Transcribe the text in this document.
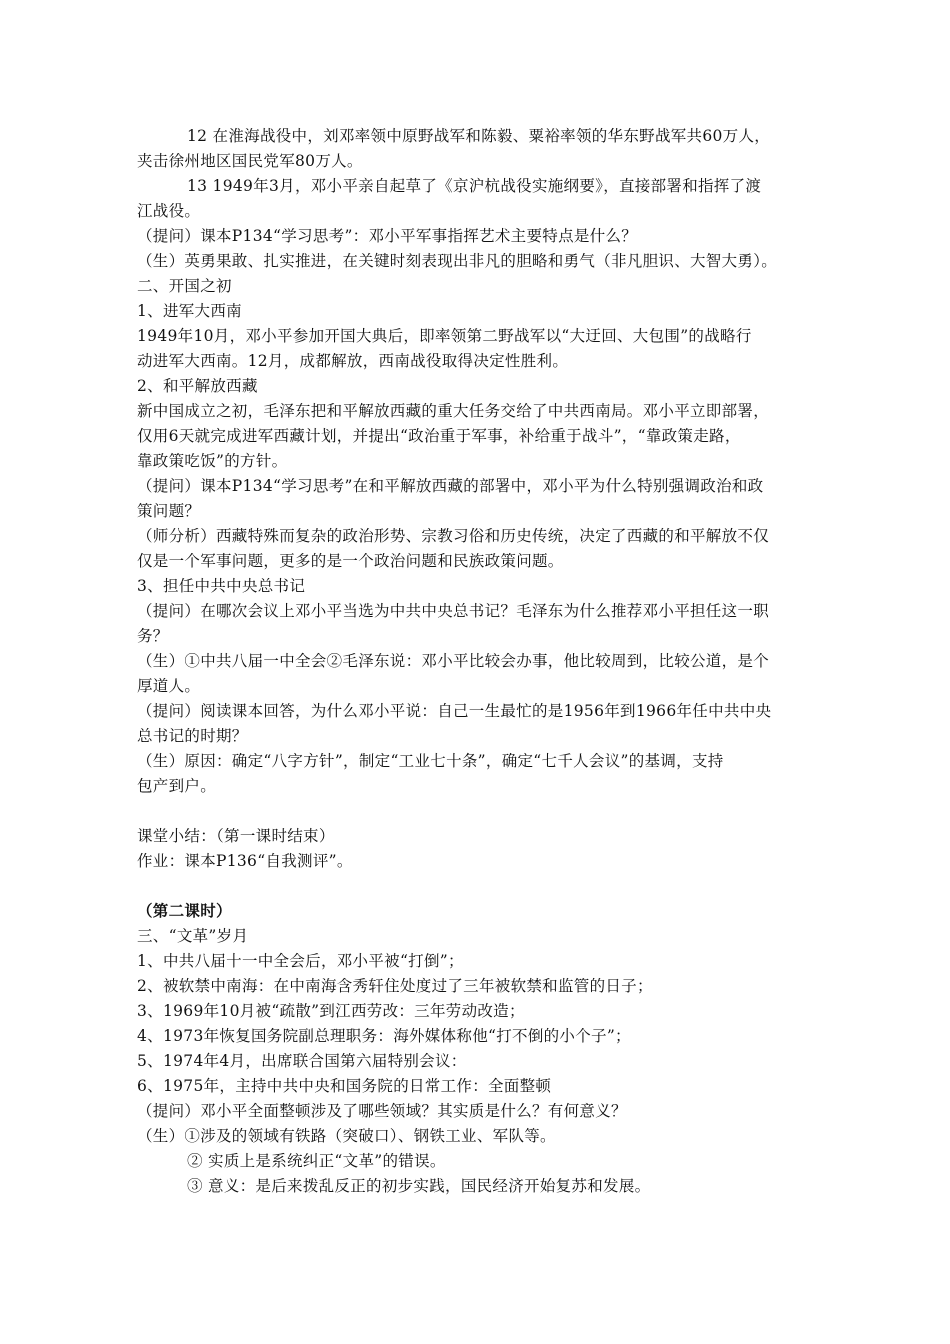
12 在淮海战役中，刘邓率领中原野战军和陈毅、粟裕率领的华东野战军共60万人，
夹击徐州地区国民党军80万人。
13 1949年3月，邓小平亲自起草了《京沪杭战役实施纲要》，直接部署和指挥了渡
江战役。
（提问）课本P134“学习思考”：邓小平军事指挥艺术主要特点是什么？
（生）英勇果敢、扎实推进，在关键时刻表现出非凡的胆略和勇气（非凡胆识、大智大勇）。
二、开国之初
1、进军大西南
1949年10月，邓小平参加开国大典后，即率领第二野战军以“大迂回、大包围”的战略行
动进军大西南。12月，成都解放，西南战役取得决定性胜利。
2、和平解放西藏
新中国成立之初，毛泽东把和平解放西藏的重大任务交给了中共西南局。邓小平立即部署，
仅用6天就完成进军西藏计划，并提出“政治重于军事，补给重于战斗”，“靠政策走路，
靠政策吃饭”的方针。
（提问）课本P134“学习思考”在和平解放西藏的部署中，邓小平为什么特别强调政治和政
策问题？
（师分析）西藏特殊而复杂的政治形势、宗教习俗和历史传统，决定了西藏的和平解放不仅
仅是一个军事问题，更多的是一个政治问题和民族政策问题。
3、担任中共中央总书记
（提问）在哪次会议上邓小平当选为中共中央总书记？毛泽东为什么推荐邓小平担任这一职
务？
（生）①中共八届一中全会②毛泽东说：邓小平比较会办事，他比较周到，比较公道，是个
厚道人。
（提问）阅读课本回答，为什么邓小平说：自己一生最忙的是1956年到1966年任中共中央
总书记的时期？
（生）原因：确定“八字方针”，制定“工业七十条”，确定“七千人会议”的基调，支持
包产到户。
课堂小结：（第一课时结束）
作业：课本P136“自我测评”。
（第二课时）
三、“文革”岁月
1、中共八届十一中全会后，邓小平被“打倒”；
2、被软禁中南海：在中南海含秀轩住处度过了三年被软禁和监管的日子；
3、1969年10月被“疏散”到江西劳改：三年劳动改造；
4、1973年恢复国务院副总理职务：海外媒体称他“打不倒的小个子”；
5、1974年4月，出席联合国第六届特别会议：
6、1975年，主持中共中央和国务院的日常工作：全面整顿
（提问）邓小平全面整顿涉及了哪些领域？其实质是什么？有何意义？
（生）①涉及的领域有铁路（突破口）、钢铁工业、军队等。
② 实质上是系统纠正“文革”的错误。
③ 意义：是后来拨乱反正的初步实践，国民经济开始复苏和发展。
